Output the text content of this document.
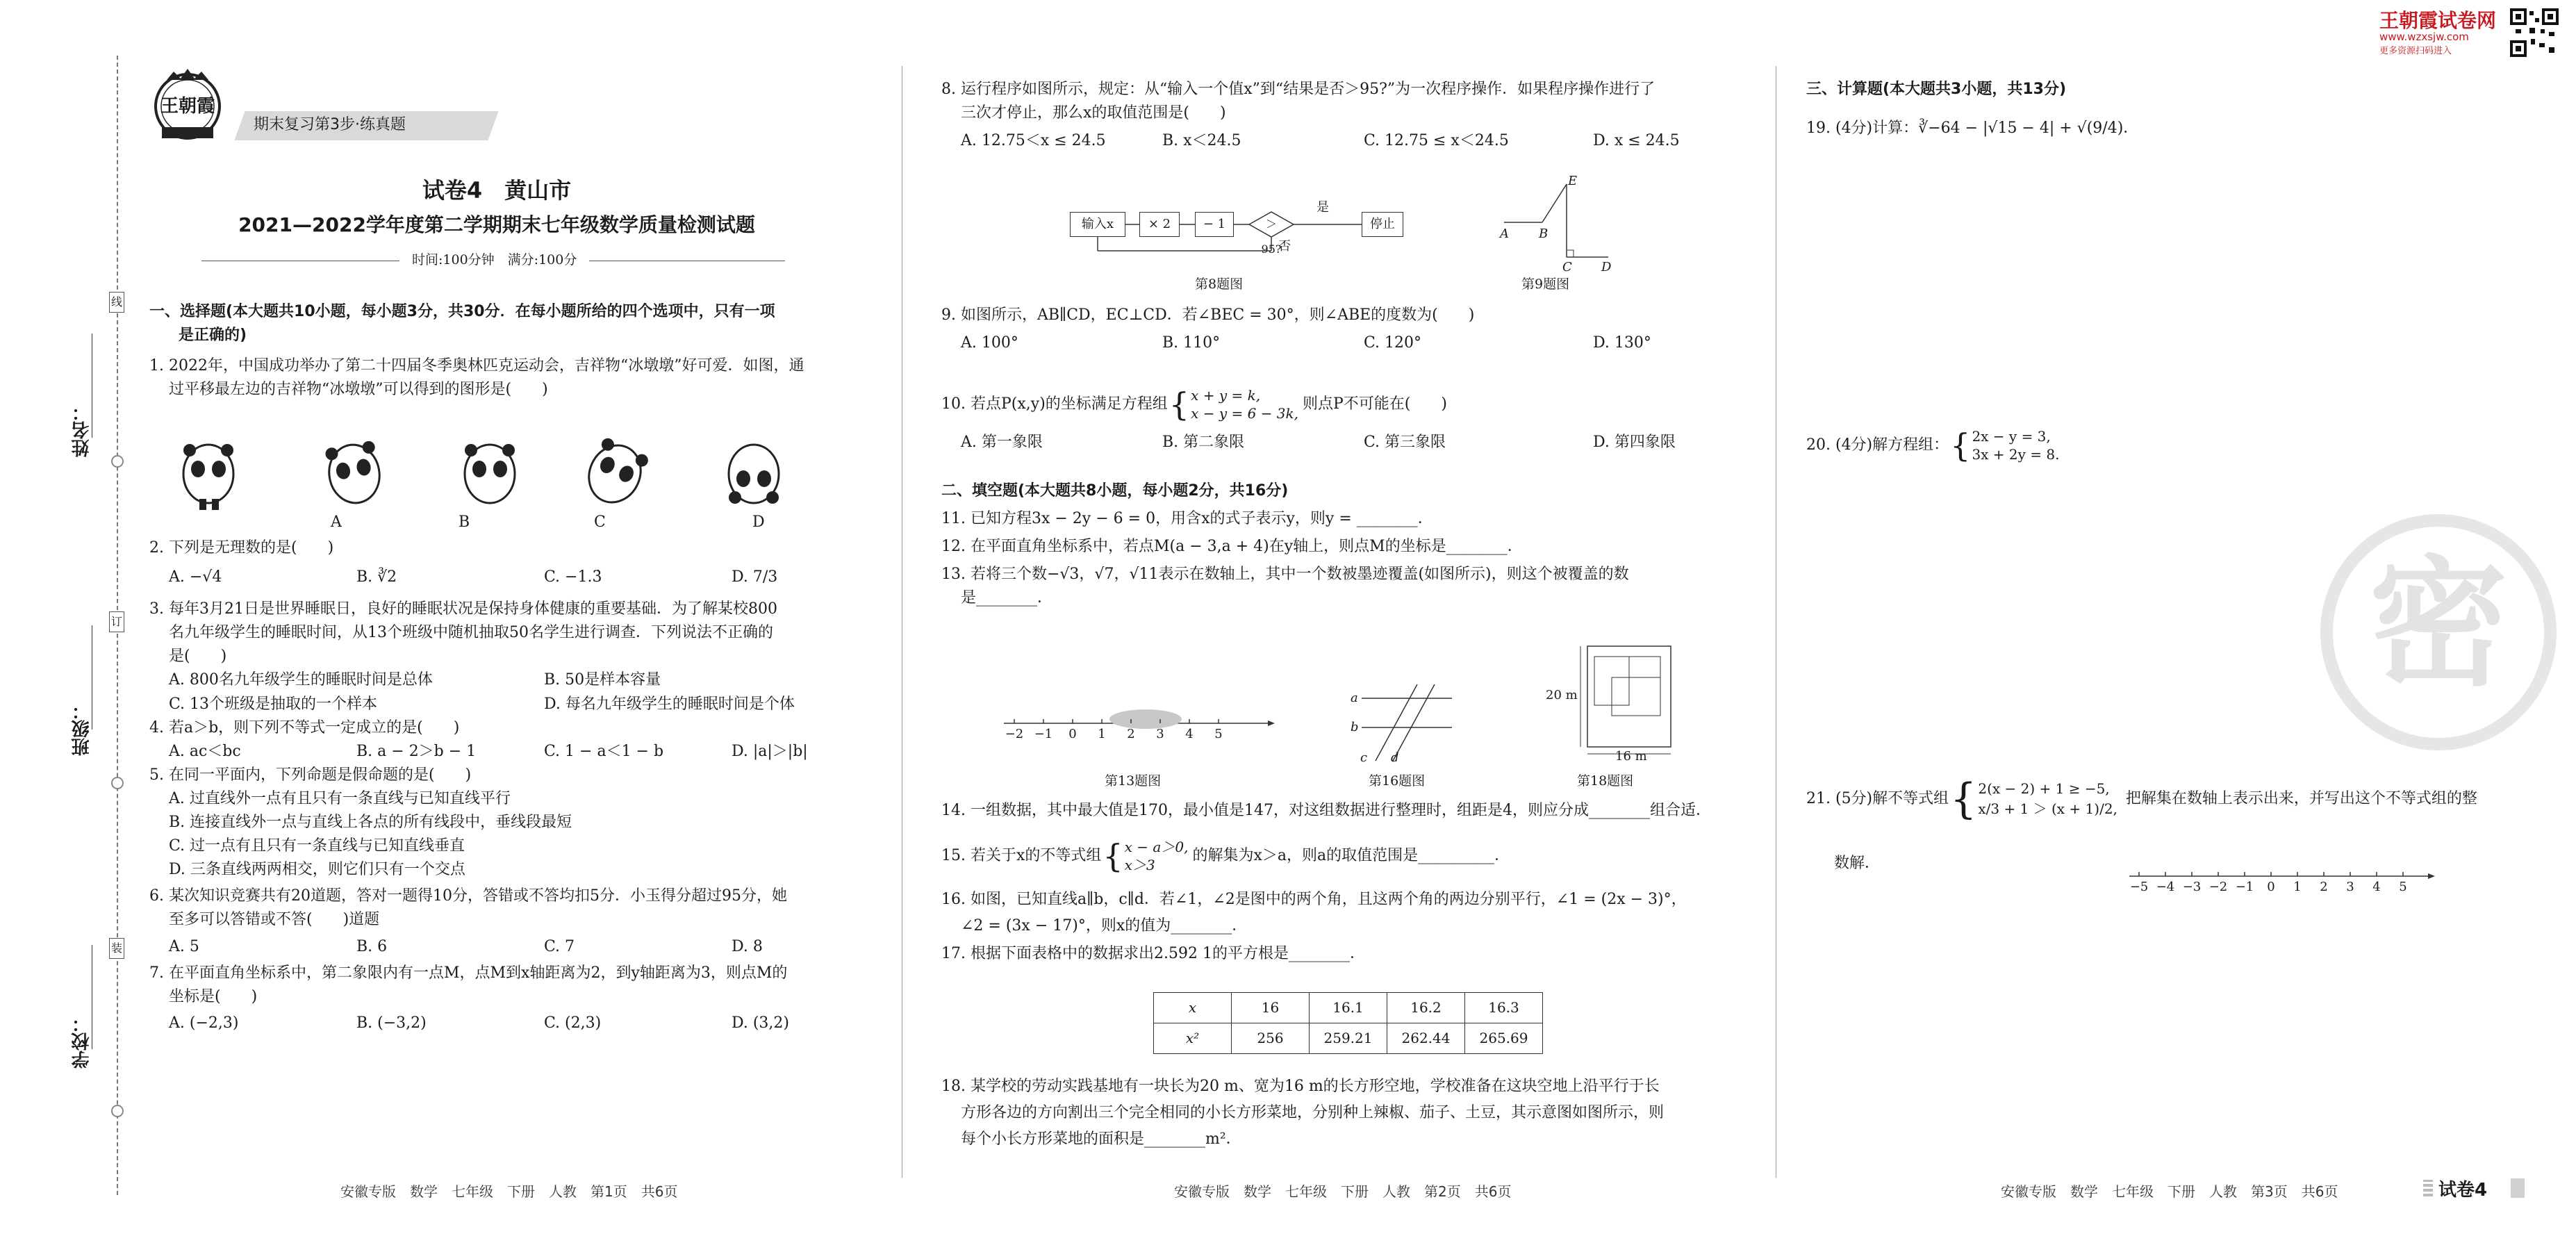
姓名：
班级：
学校：
线
订
装
王朝霞
期末复习第3步·练真题
试卷4　黄山市
2021—2022学年度第二学期期末七年级数学质量检测试题
时间:100分钟　满分:100分
一、选择题(本大题共10小题，每小题3分，共30分．在每小题所给的四个选项中，只有一项
是正确的)
1. 2022年，中国成功举办了第二十四届冬季奥林匹克运动会，吉祥物“冰墩墩”好可爱．如图，通
过平移最左边的吉祥物“冰墩墩”可以得到的图形是(　　)
A	B	C	D
2. 下列是无理数的是(　　)
A. −√4	B. ∛2	C. −1.3̇	D. 7/3
3. 每年3月21日是世界睡眠日，良好的睡眠状况是保持身体健康的重要基础．为了解某校800
名九年级学生的睡眠时间，从13个班级中随机抽取50名学生进行调查．下列说法不正确的
是(　　)
A. 800名九年级学生的睡眠时间是总体	B. 50是样本容量
C. 13个班级是抽取的一个样本	D. 每名九年级学生的睡眠时间是个体
4. 若a＞b，则下列不等式一定成立的是(　　)
A. ac＜bc	B. a − 2＞b − 1	C. 1 − a＜1 − b	D. |a|＞|b|
5. 在同一平面内，下列命题是假命题的是(　　)
A. 过直线外一点有且只有一条直线与已知直线平行
B. 连接直线外一点与直线上各点的所有线段中，垂线段最短
C. 过一点有且只有一条直线与已知直线垂直
D. 三条直线两两相交，则它们只有一个交点
6. 某次知识竞赛共有20道题，答对一题得10分，答错或不答均扣5分．小玉得分超过95分，她
至多可以答错或不答(　　)道题
A. 5	B. 6	C. 7	D. 8
7. 在平面直角坐标系中，第二象限内有一点M，点M到x轴距离为2，到y轴距离为3，则点M的
坐标是(　　)
A. (−2,3)	B. (−3,2)	C. (2,3)	D. (3,2)
安徽专版　数学　七年级　下册　人教　第1页　共6页
8. 运行程序如图所示，规定：从“输入一个值x”到“结果是否＞95?”为一次程序操作．如果程序操作进行了
三次才停止，那么x的取值范围是(　　)
A. 12.75＜x ≤ 24.5	B. x＜24.5	C. 12.75 ≤ x＜24.5	D. x ≤ 24.5
输入x	× 2	− 1	＞95?
是
否
停止
第8题图
E
A B
C D
第9题图
9. 如图所示，AB∥CD，EC⊥CD．若∠BEC = 30°，则∠ABE的度数为(　　)
A. 100°	B. 110°	C. 120°	D. 130°
10. 若点P(x,y)的坐标满足方程组 { x + y = k,
x − y = 6 − 3k,
则点P不可能在(　　)
A. 第一象限	B. 第二象限	C. 第三象限	D. 第四象限
二、填空题(本大题共8小题，每小题2分，共16分)
11. 已知方程3x − 2y − 6 = 0，用含x的式子表示y，则y = ________．
12. 在平面直角坐标系中，若点M(a − 3,a + 4)在y轴上，则点M的坐标是________．
13. 若将三个数−√3，√7，√11表示在数轴上，其中一个数被墨迹覆盖(如图所示)，则这个被覆盖的数
是________．
−2 −1 0 1 2 3 4 5
第13题图
a
b
c d
第16题图
20 m
16 m
第18题图
14. 一组数据，其中最大值是170，最小值是147，对这组数据进行整理时，组距是4，则应分成________组合适．
15. 若关于x的不等式组 { x − a＞0,
x＞3
的解集为x＞a，则a的取值范围是__________．
16. 如图，已知直线a∥b，c∥d．若∠1，∠2是图中的两个角，且这两个角的两边分别平行，∠1 = (2x − 3)°，
∠2 = (3x − 17)°，则x的值为________．
17. 根据下面表格中的数据求出2.592 1的平方根是________．
x	16	16.1	16.2	16.3
x²	256	259.21	262.44	265.69
18. 某学校的劳动实践基地有一块长为20 m、宽为16 m的长方形空地，学校准备在这块空地上沿平行于长
方形各边的方向割出三个完全相同的小长方形菜地，分别种上辣椒、茄子、土豆，其示意图如图所示，则
每个小长方形菜地的面积是________m²．
安徽专版　数学　七年级　下册　人教　第2页　共6页
王朝霞试卷网
www.wzxsjw.com
更多资源扫码进入
三、计算题(本大题共3小题，共13分)
19. (4分)计算：∛−64 − |√15 − 4| + √(9/4)．
20. (4分)解方程组： { 2x − y = 3,
3x + 2y = 8.
21. (5分)解不等式组 { 2(x − 2) + 1 ≥ −5,
x/3 + 1 ＞ (x + 1)/2,
把解集在数轴上表示出来，并写出这个不等式组的整
数解．
−5 −4 −3 −2 −1 0 1 2 3 4 5
密
安徽专版　数学　七年级　下册　人教　第3页　共6页	试卷4
